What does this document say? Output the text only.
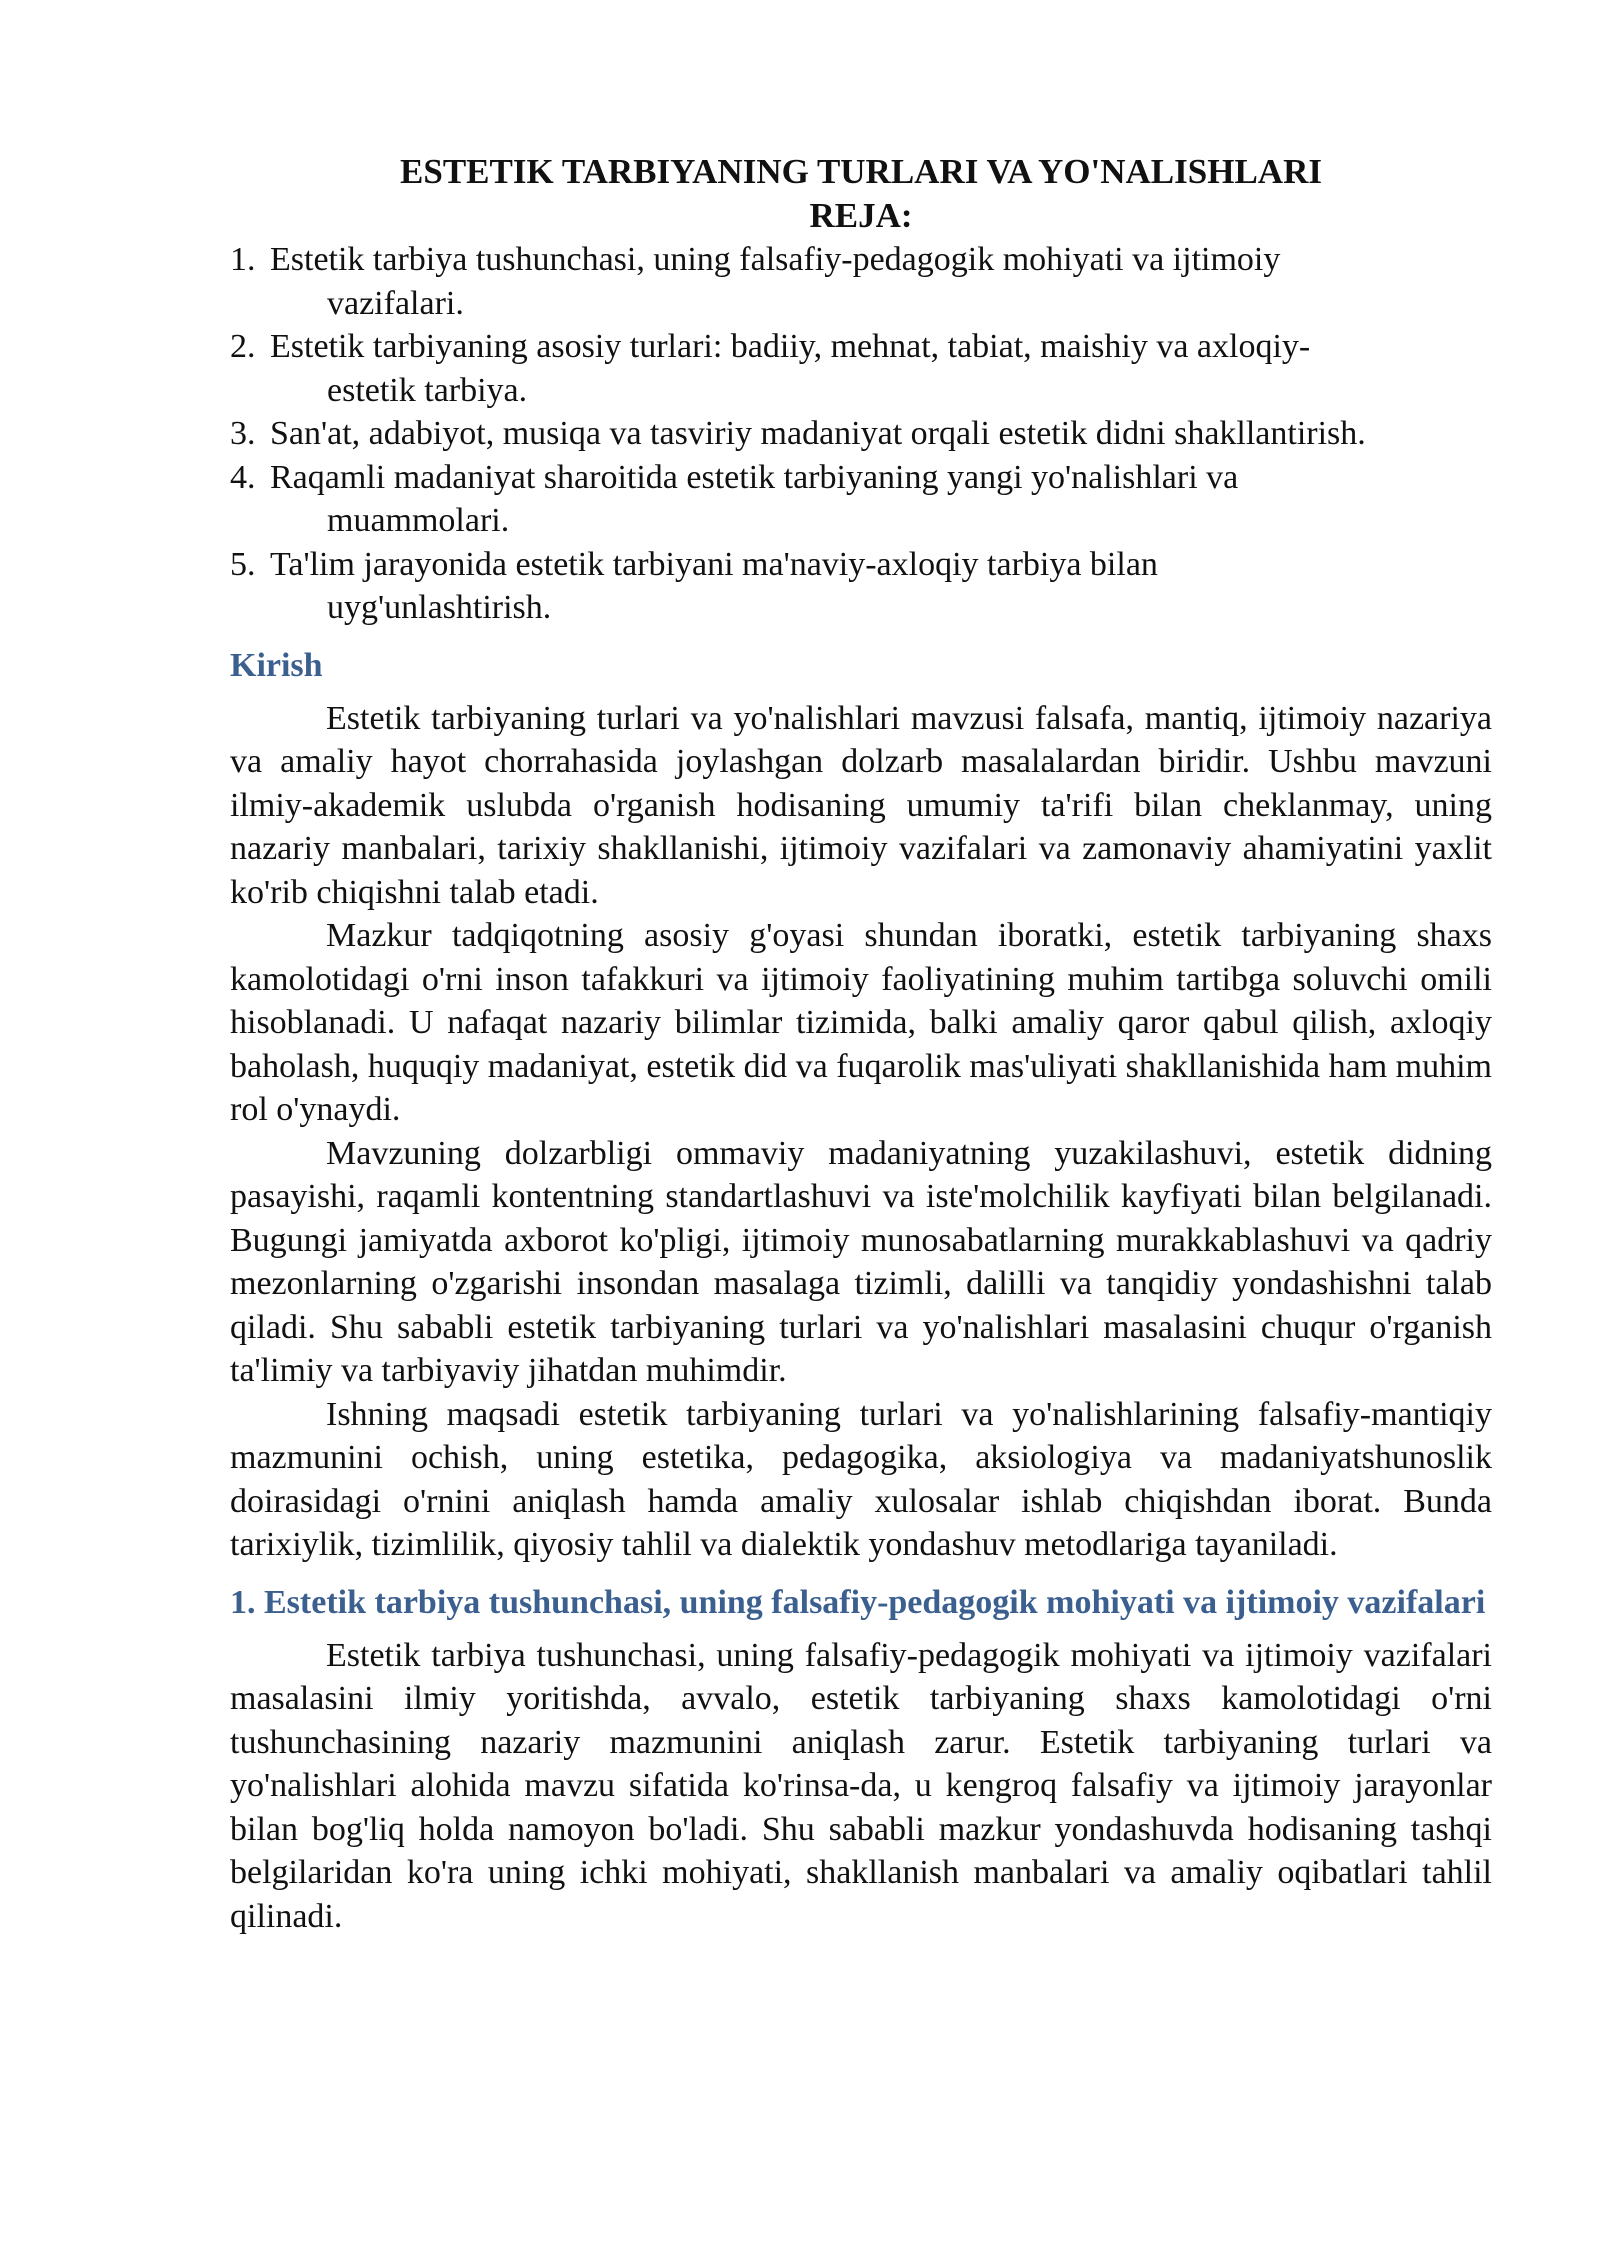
ESTETIK TARBIYANING TURLARI VA YO'NALISHLARI
REJA:
1. Estetik tarbiya tushunchasi, uning falsafiy-pedagogik mohiyati va ijtimoiy
vazifalari.
2. Estetik tarbiyaning asosiy turlari: badiiy, mehnat, tabiat, maishiy va axloqiy-
estetik tarbiya.
3. San'at, adabiyot, musiqa va tasviriy madaniyat orqali estetik didni shakllantirish.
4. Raqamli madaniyat sharoitida estetik tarbiyaning yangi yo'nalishlari va
muammolari.
5. Ta'lim jarayonida estetik tarbiyani ma'naviy-axloqiy tarbiya bilan
uyg'unlashtirish.
Kirish

Estetik tarbiyaning turlari va yo'nalishlari mavzusi falsafa, mantiq, ijtimoiy nazariya va amaliy hayot chorrahasida joylashgan dolzarb masalalardan biridir. Ushbu mavzuni ilmiy-akademik uslubda o'rganish hodisaning umumiy ta'rifi bilan cheklanmay, uning nazariy manbalari, tarixiy shakllanishi, ijtimoiy vazifalari va zamonaviy ahamiyatini yaxlit ko'rib chiqishni talab etadi.

Mazkur tadqiqotning asosiy g'oyasi shundan iboratki, estetik tarbiyaning shaxs kamolotidagi o'rni inson tafakkuri va ijtimoiy faoliyatining muhim tartibga soluvchi omili hisoblanadi. U nafaqat nazariy bilimlar tizimida, balki amaliy qaror qabul qilish, axloqiy baholash, huquqiy madaniyat, estetik did va fuqarolik mas'uliyati shakllanishida ham muhim rol o'ynaydi.

Mavzuning dolzarbligi ommaviy madaniyatning yuzakilashuvi, estetik didning pasayishi, raqamli kontentning standartlashuvi va iste'molchilik kayfiyati bilan belgilanadi. Bugungi jamiyatda axborot ko'pligi, ijtimoiy munosabatlarning murakkablashuvi va qadriy mezonlarning o'zgarishi insondan masalaga tizimli, dalilli va tanqidiy yondashishni talab qiladi. Shu sababli estetik tarbiyaning turlari va yo'nalishlari masalasini chuqur o'rganish ta'limiy va tarbiyaviy jihatdan muhimdir.

Ishning maqsadi estetik tarbiyaning turlari va yo'nalishlarining falsafiy-mantiqiy mazmunini ochish, uning estetika, pedagogika, aksiologiya va madaniyatshunoslik doirasidagi o'rnini aniqlash hamda amaliy xulosalar ishlab chiqishdan iborat. Bunda tarixiylik, tizimlilik, qiyosiy tahlil va dialektik yondashuv metodlariga tayaniladi.

1. Estetik tarbiya tushunchasi, uning falsafiy-pedagogik mohiyati va ijtimoiy vazifalari

Estetik tarbiya tushunchasi, uning falsafiy-pedagogik mohiyati va ijtimoiy vazifalari masalasini ilmiy yoritishda, avvalo, estetik tarbiyaning shaxs kamolotidagi o'rni tushunchasining nazariy mazmunini aniqlash zarur. Estetik tarbiyaning turlari va yo'nalishlari alohida mavzu sifatida ko'rinsa-da, u kengroq falsafiy va ijtimoiy jarayonlar bilan bog'liq holda namoyon bo'ladi. Shu sababli mazkur yondashuvda hodisaning tashqi belgilaridan ko'ra uning ichki mohiyati, shakllanish manbalari va amaliy oqibatlari tahlil qilinadi.
